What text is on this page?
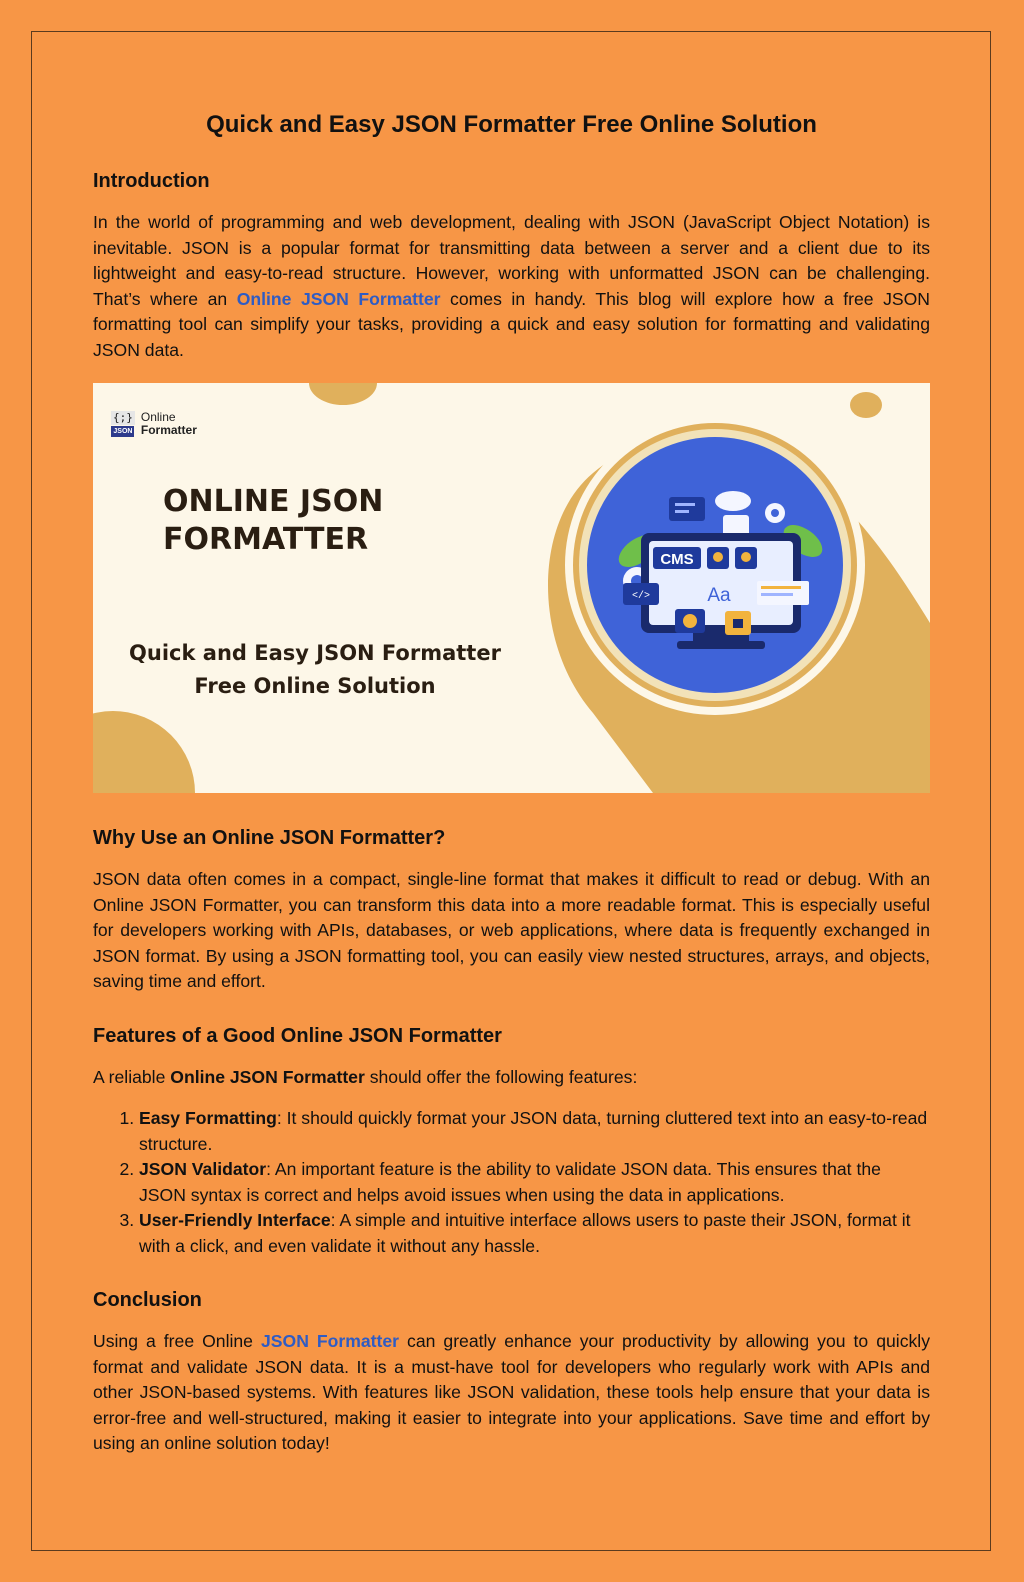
Quick and Easy JSON Formatter Free Online Solution
Introduction

In the world of programming and web development, dealing with JSON (JavaScript Object Notation) is inevitable. JSON is a popular format for transmitting data between a server and a client due to its lightweight and easy-to-read structure. However, working with unformatted JSON can be challenging. That’s where an Online JSON Formatter comes in handy. This blog will explore how a free JSON formatting tool can simplify your tasks, providing a quick and easy solution for formatting and validating JSON data.

CMS
Aa
</>
{;}
JSON
Online
Formatter
ONLINE JSON
FORMATTER
Quick and Easy JSON Formatter
Free Online Solution
Why Use an Online JSON Formatter?

JSON data often comes in a compact, single-line format that makes it difficult to read or debug. With an Online JSON Formatter, you can transform this data into a more readable format. This is especially useful for developers working with APIs, databases, or web applications, where data is frequently exchanged in JSON format. By using a JSON formatting tool, you can easily view nested structures, arrays, and objects, saving time and effort.

Features of a Good Online JSON Formatter

A reliable Online JSON Formatter should offer the following features:

1. Easy Formatting: It should quickly format your JSON data, turning cluttered text into an easy-to-read structure.
2. JSON Validator: An important feature is the ability to validate JSON data. This ensures that the JSON syntax is correct and helps avoid issues when using the data in applications.
3. User-Friendly Interface: A simple and intuitive interface allows users to paste their JSON, format it with a click, and even validate it without any hassle.
Conclusion

Using a free Online JSON Formatter can greatly enhance your productivity by allowing you to quickly format and validate JSON data. It is a must-have tool for developers who regularly work with APIs and other JSON-based systems. With features like JSON validation, these tools help ensure that your data is error-free and well-structured, making it easier to integrate into your applications. Save time and effort by using an online solution today!
